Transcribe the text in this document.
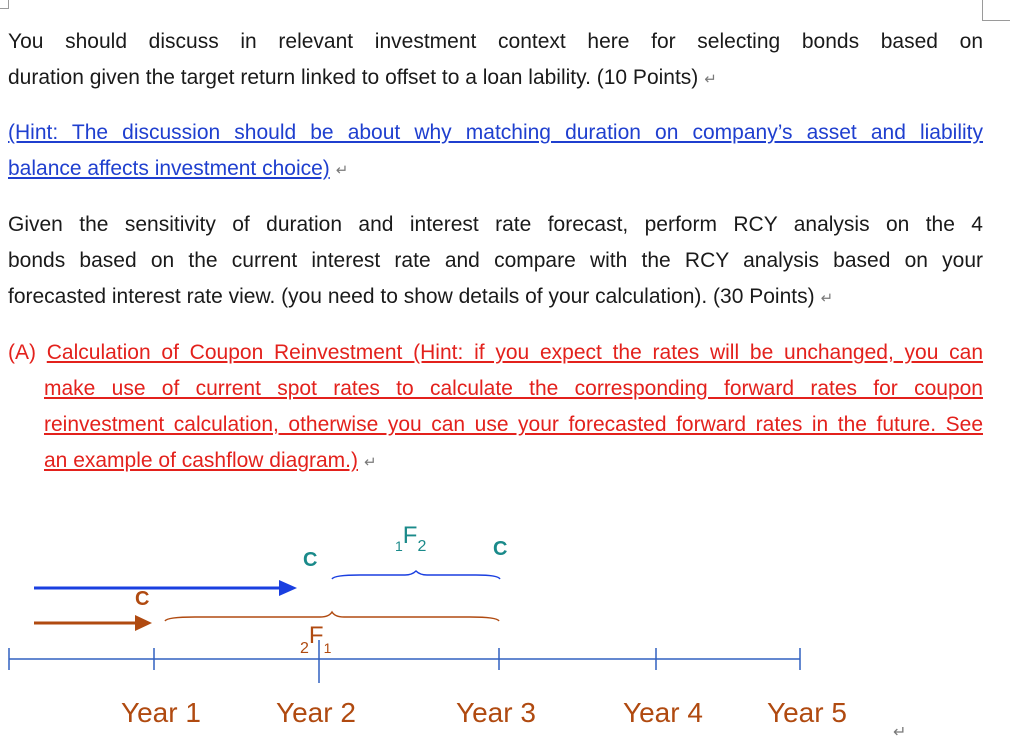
You should discuss in relevant investment context here for selecting bonds based on
duration given the target return linked to offset to a loan lability. (10 Points) ↵
(Hint: The discussion should be about why matching duration on company’s asset and liability
balance affects investment choice) ↵
Given the sensitivity of duration and interest rate forecast, perform RCY analysis on the 4
bonds based on the current interest rate and compare with the RCY analysis based on your
forecasted interest rate view. (you need to show details of your calculation). (30 Points) ↵
(A) Calculation of Coupon Reinvestment (Hint: if you expect the rates will be unchanged, you can
make use of current spot rates to calculate the corresponding forward rates for coupon
reinvestment calculation, otherwise you can use your forecasted forward rates in the future. See
an example of cashflow diagram.) ↵
C	C
C
1F2
2F1
Year 1	Year 2	Year 3	Year 4 Year 5
↵
